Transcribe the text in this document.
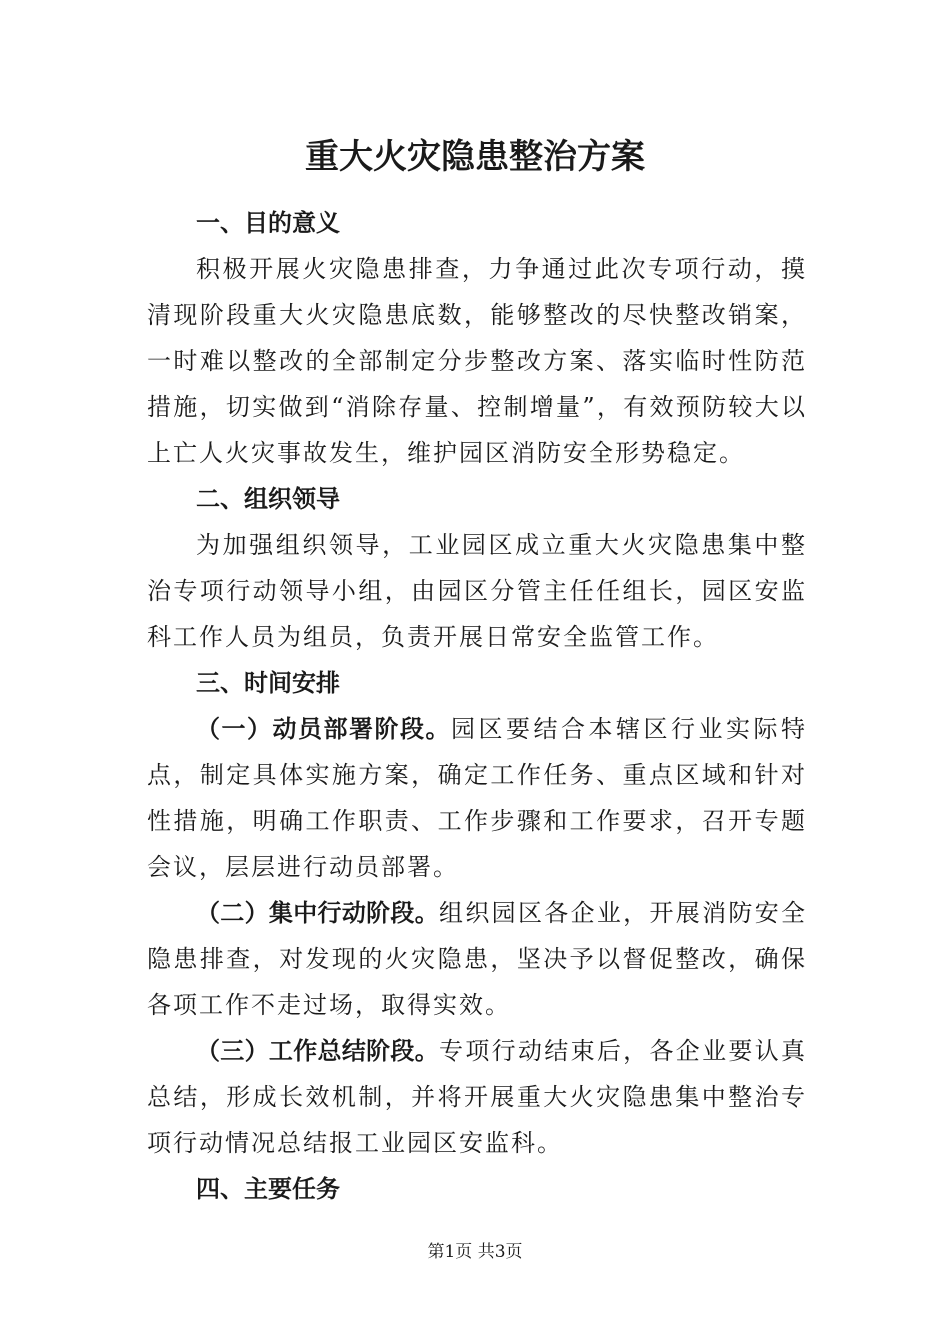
重大火灾隐患整治方案

一、目的意义

积极开展火灾隐患排查，力争通过此次专项行动，摸清现阶段重大火灾隐患底数，能够整改的尽快整改销案，一时难以整改的全部制定分步整改方案、落实临时性防范措施，切实做到“消除存量、控制增量”，有效预防较大以上亡人火灾事故发生，维护园区消防安全形势稳定。

二、组织领导

为加强组织领导，工业园区成立重大火灾隐患集中整治专项行动领导小组，由园区分管主任任组长，园区安监科工作人员为组员，负责开展日常安全监管工作。

三、时间安排

（一）动员部署阶段。园区要结合本辖区行业实际特点，制定具体实施方案，确定工作任务、重点区域和针对性措施，明确工作职责、工作步骤和工作要求，召开专题会议，层层进行动员部署。

（二）集中行动阶段。组织园区各企业，开展消防安全隐患排查，对发现的火灾隐患，坚决予以督促整改，确保各项工作不走过场，取得实效。

（三）工作总结阶段。专项行动结束后，各企业要认真总结，形成长效机制，并将开展重大火灾隐患集中整治专项行动情况总结报工业园区安监科。

四、主要任务

第1页 共3页
